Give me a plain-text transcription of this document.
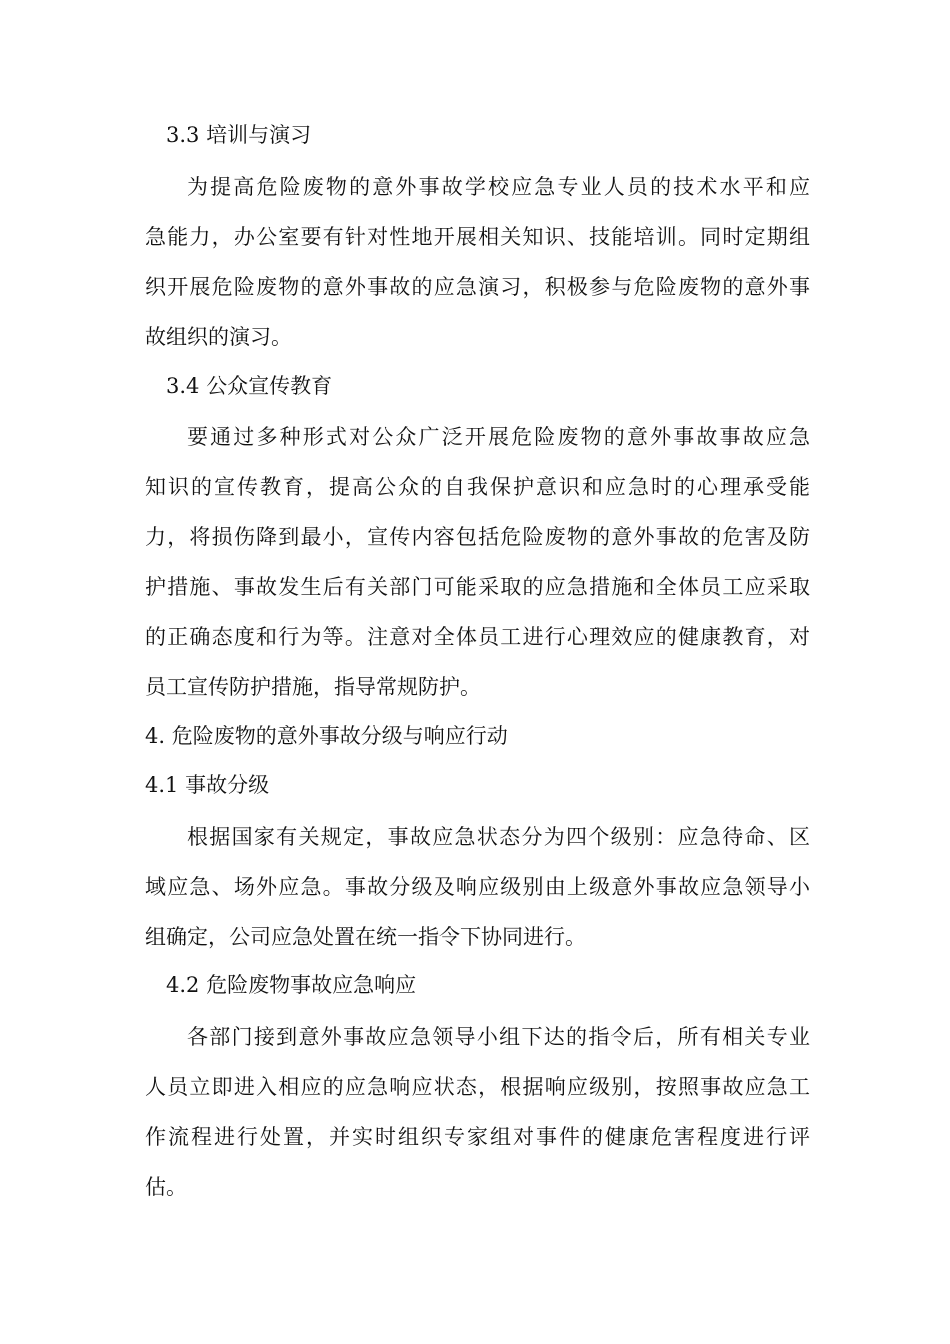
3.3 培训与演习
为提高危险废物的意外事故学校应急专业人员的技术水平和应
急能力，办公室要有针对性地开展相关知识、技能培训。同时定期组
织开展危险废物的意外事故的应急演习，积极参与危险废物的意外事
故组织的演习。
3.4 公众宣传教育
要通过多种形式对公众广泛开展危险废物的意外事故事故应急
知识的宣传教育，提高公众的自我保护意识和应急时的心理承受能
力，将损伤降到最小，宣传内容包括危险废物的意外事故的危害及防
护措施、事故发生后有关部门可能采取的应急措施和全体员工应采取
的正确态度和行为等。注意对全体员工进行心理效应的健康教育，对
员工宣传防护措施，指导常规防护。
4. 危险废物的意外事故分级与响应行动
4.1 事故分级
根据国家有关规定，事故应急状态分为四个级别：应急待命、区
域应急、场外应急。事故分级及响应级别由上级意外事故应急领导小
组确定，公司应急处置在统一指令下协同进行。
4.2 危险废物事故应急响应
各部门接到意外事故应急领导小组下达的指令后，所有相关专业
人员立即进入相应的应急响应状态，根据响应级别，按照事故应急工
作流程进行处置，并实时组织专家组对事件的健康危害程度进行评
估。
